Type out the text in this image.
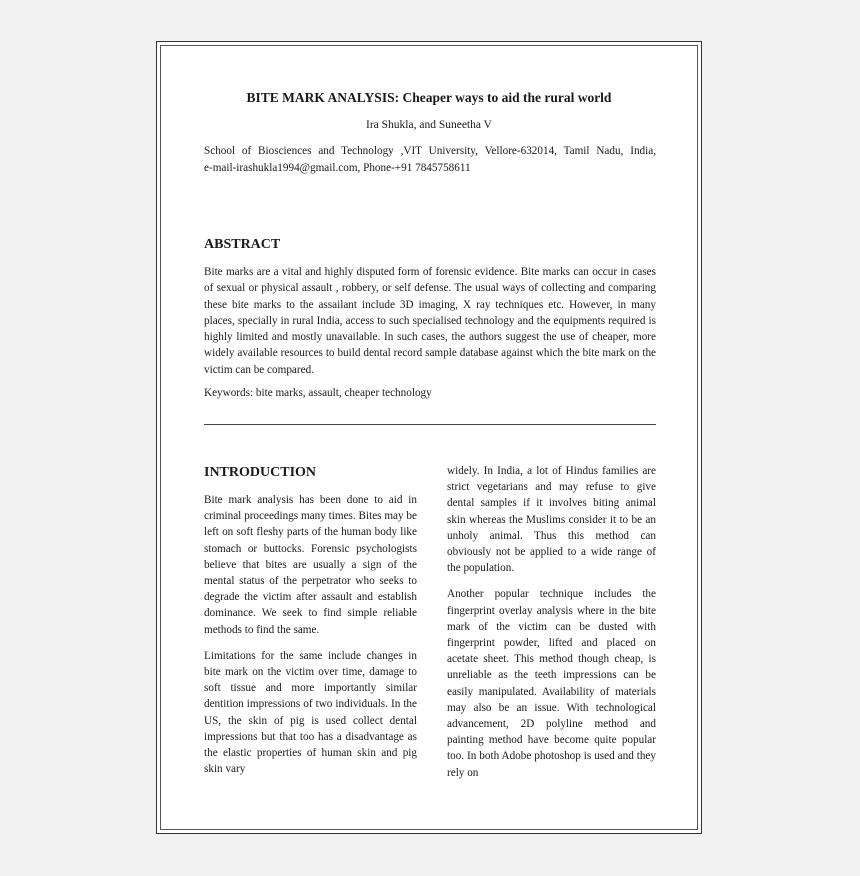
BITE MARK ANALYSIS: Cheaper ways to aid the rural world
Ira Shukla, and Suneetha V
School of Biosciences and Technology ,VIT University, Vellore-632014, Tamil Nadu, India,
e-mail-irashukla1994@gmail.com, Phone-+91 7845758611
ABSTRACT
Bite marks are a vital and highly disputed form of forensic evidence. Bite marks can occur in cases of sexual or physical assault , robbery, or self defense. The usual ways of collecting and comparing these bite marks to the assailant include 3D imaging, X ray techniques etc. However, in many places, specially in rural India, access to such specialised technology and the equipments required is highly limited and mostly unavailable. In such cases, the authors suggest the use of cheaper, more widely available resources to build dental record sample database against which the bite mark on the victim can be compared.
Keywords: bite marks, assault, cheaper technology
INTRODUCTION

Bite mark analysis has been done to aid in criminal proceedings many times. Bites may be left on soft fleshy parts of the human body like stomach or buttocks. Forensic psychologists believe that bites are usually a sign of the mental status of the perpetrator who seeks to degrade the victim after assault and establish dominance. We seek to find simple reliable methods to find the same.

Limitations for the same include changes in bite mark on the victim over time, damage to soft tissue and more importantly similar dentition impressions of two individuals. In the US, the skin of pig is used collect dental impressions but that too has a disadvantage as the elastic properties of human skin and pig skin vary

widely. In India, a lot of Hindus families are strict vegetarians and may refuse to give dental samples if it involves biting animal skin whereas the Muslims consider it to be an unholy animal. Thus this method can obviously not be applied to a wide range of the population.

Another popular technique includes the fingerprint overlay analysis where in the bite mark of the victim can be dusted with fingerprint powder, lifted and placed on acetate sheet. This method though cheap, is unreliable as the teeth impressions can be easily manipulated. Availability of materials may also be an issue. With technological advancement, 2D polyline method and painting method have become quite popular too. In both Adobe photoshop is used and they rely on
